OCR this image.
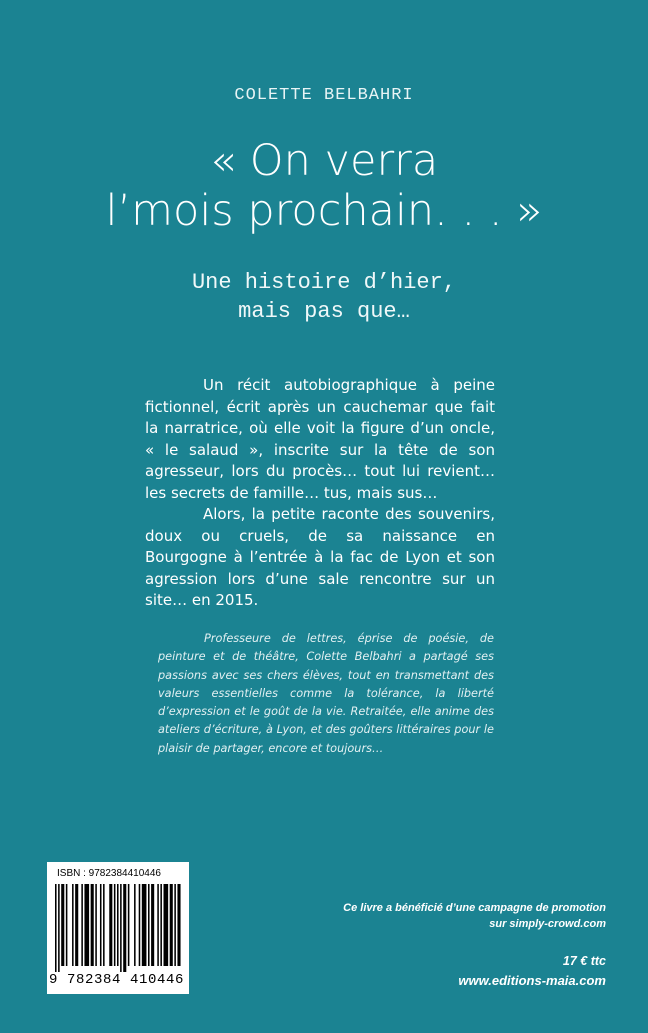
COLETTE BELBAHRI
« On verra
l’mois prochain. . . »
Une histoire d’hier,
mais pas que…

Un récit autobiographique à peine fictionnel, écrit après un cauchemar que fait la narratrice, où elle voit la figure d’un oncle, « le salaud », inscrite sur la tête de son agresseur, lors du procès… tout lui revient… les secrets de famille… tus, mais sus…

Alors, la petite raconte des souvenirs, doux ou cruels, de sa naissance en Bourgogne à l’entrée à la fac de Lyon et son agression lors d’une sale rencontre sur un site… en 2015.

Professeure de lettres, éprise de poésie, de peinture et de théâtre, Colette Belbahri a partagé ses passions avec ses chers élèves, tout en transmettant des valeurs essentielles comme la tolérance, la liberté d’expression et le goût de la vie. Retraitée, elle anime des ateliers d’écriture, à Lyon, et des goûters littéraires pour le plaisir de partager, encore et toujours…
ISBN : 9782384410446
9 782384 410446
Ce livre a bénéficié d’une campagne de promotion
sur simply-crowd.com
17 € ttc
www.editions-maia.com
